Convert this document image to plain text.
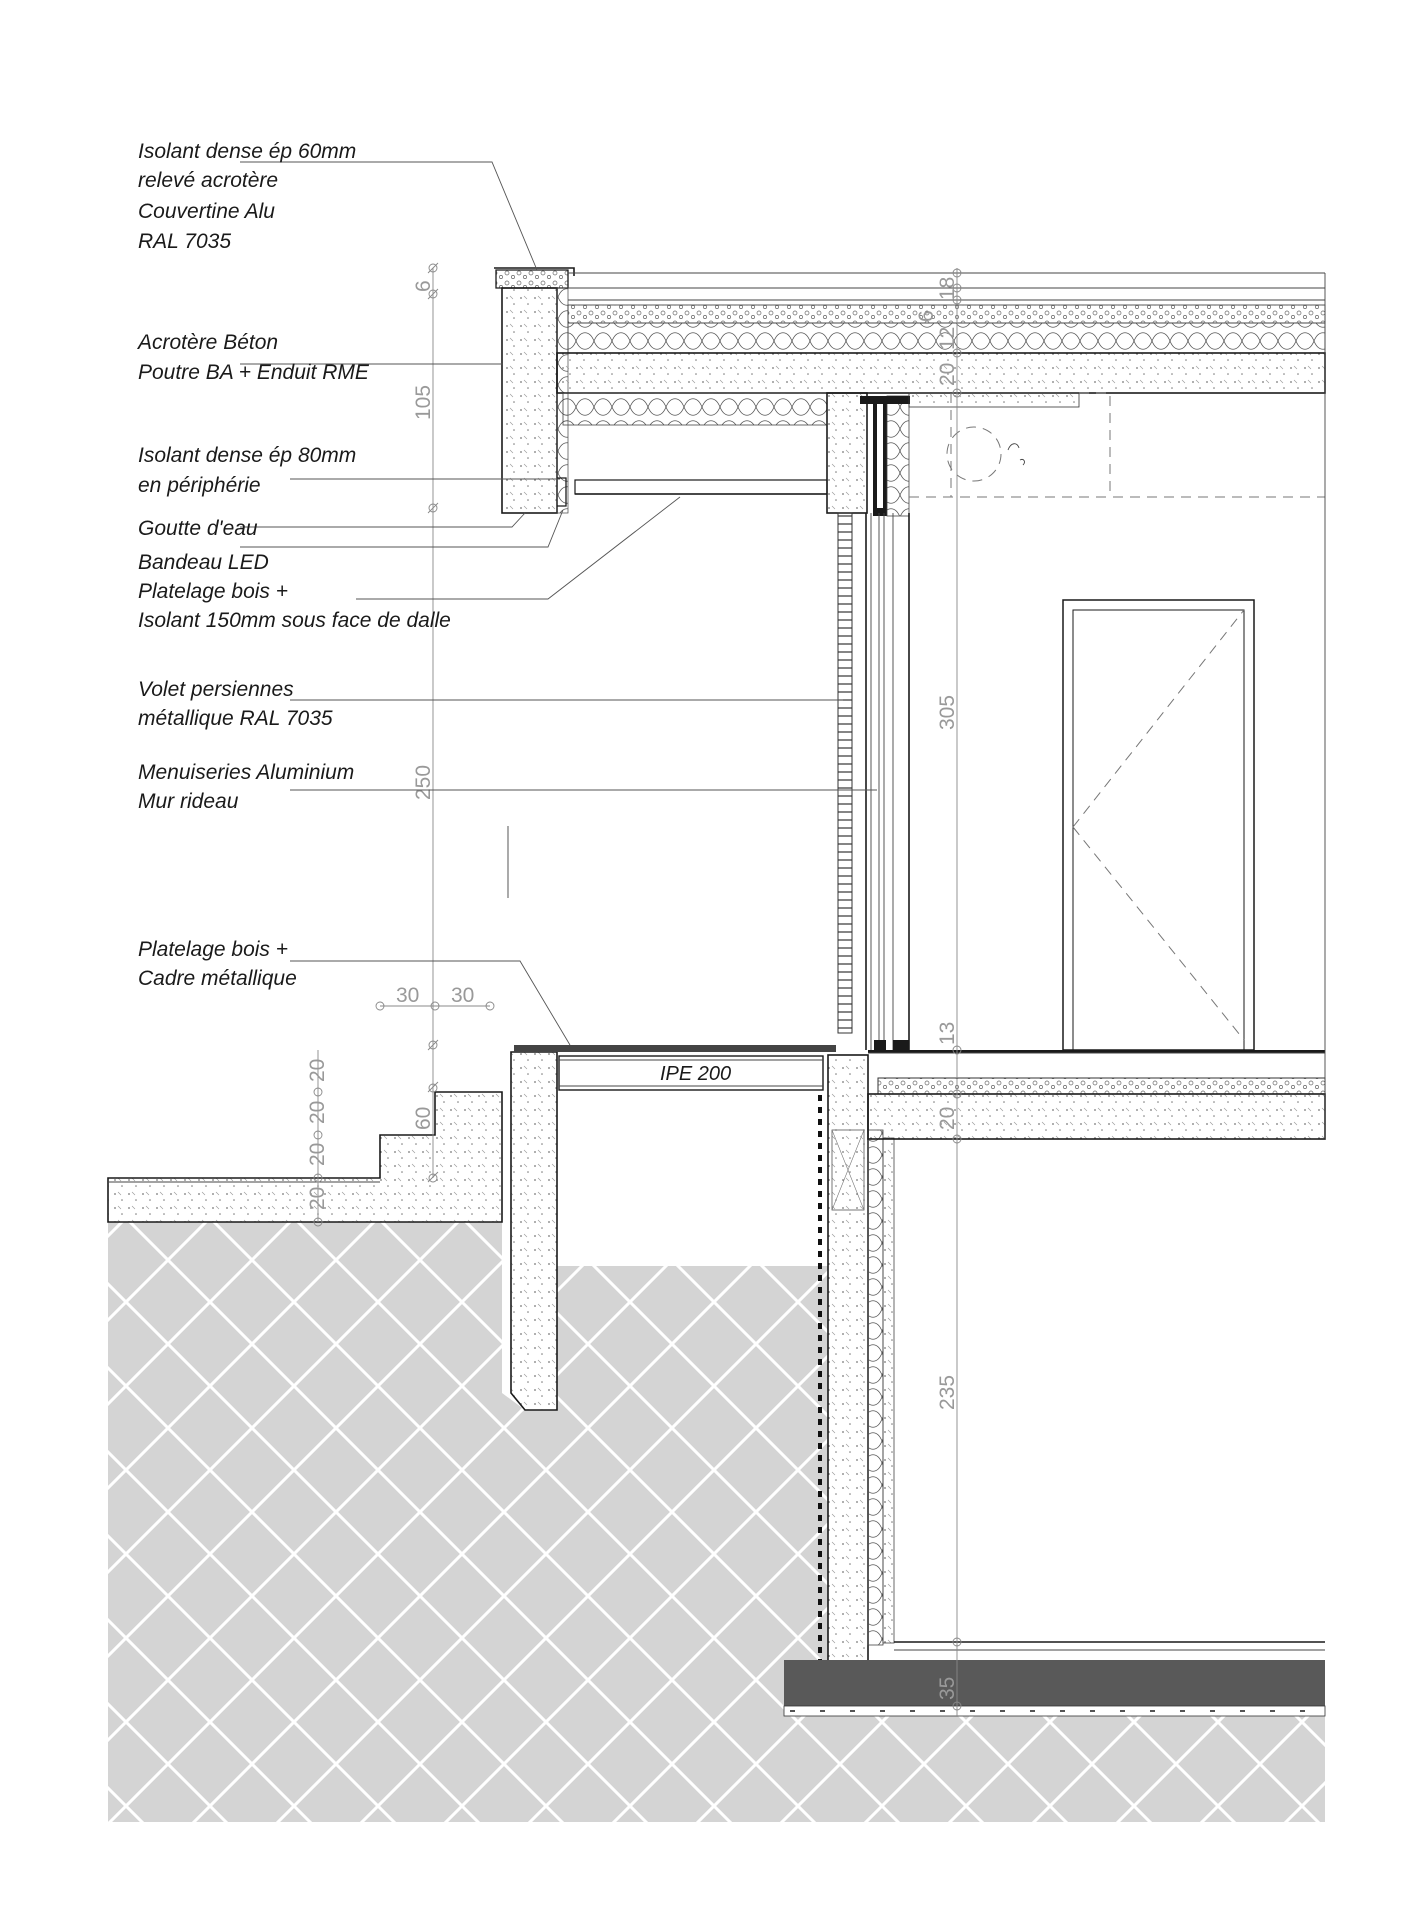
IPE 200
6
105
250
60
30 30
20
20
20
20
18
6
12
20
305
13
20
235
35
Isolant dense ép 60mm
relevé acrotère
Couvertine Alu
RAL 7035
Acrotère Béton
Poutre BA + Enduit RME
Isolant dense ép 80mm
en périphérie
Goutte d'eau
Bandeau LED
Platelage bois +
Isolant 150mm sous face de dalle
Volet persiennes
métallique RAL 7035
Menuiseries Aluminium
Mur rideau
Platelage bois +
Cadre métallique
